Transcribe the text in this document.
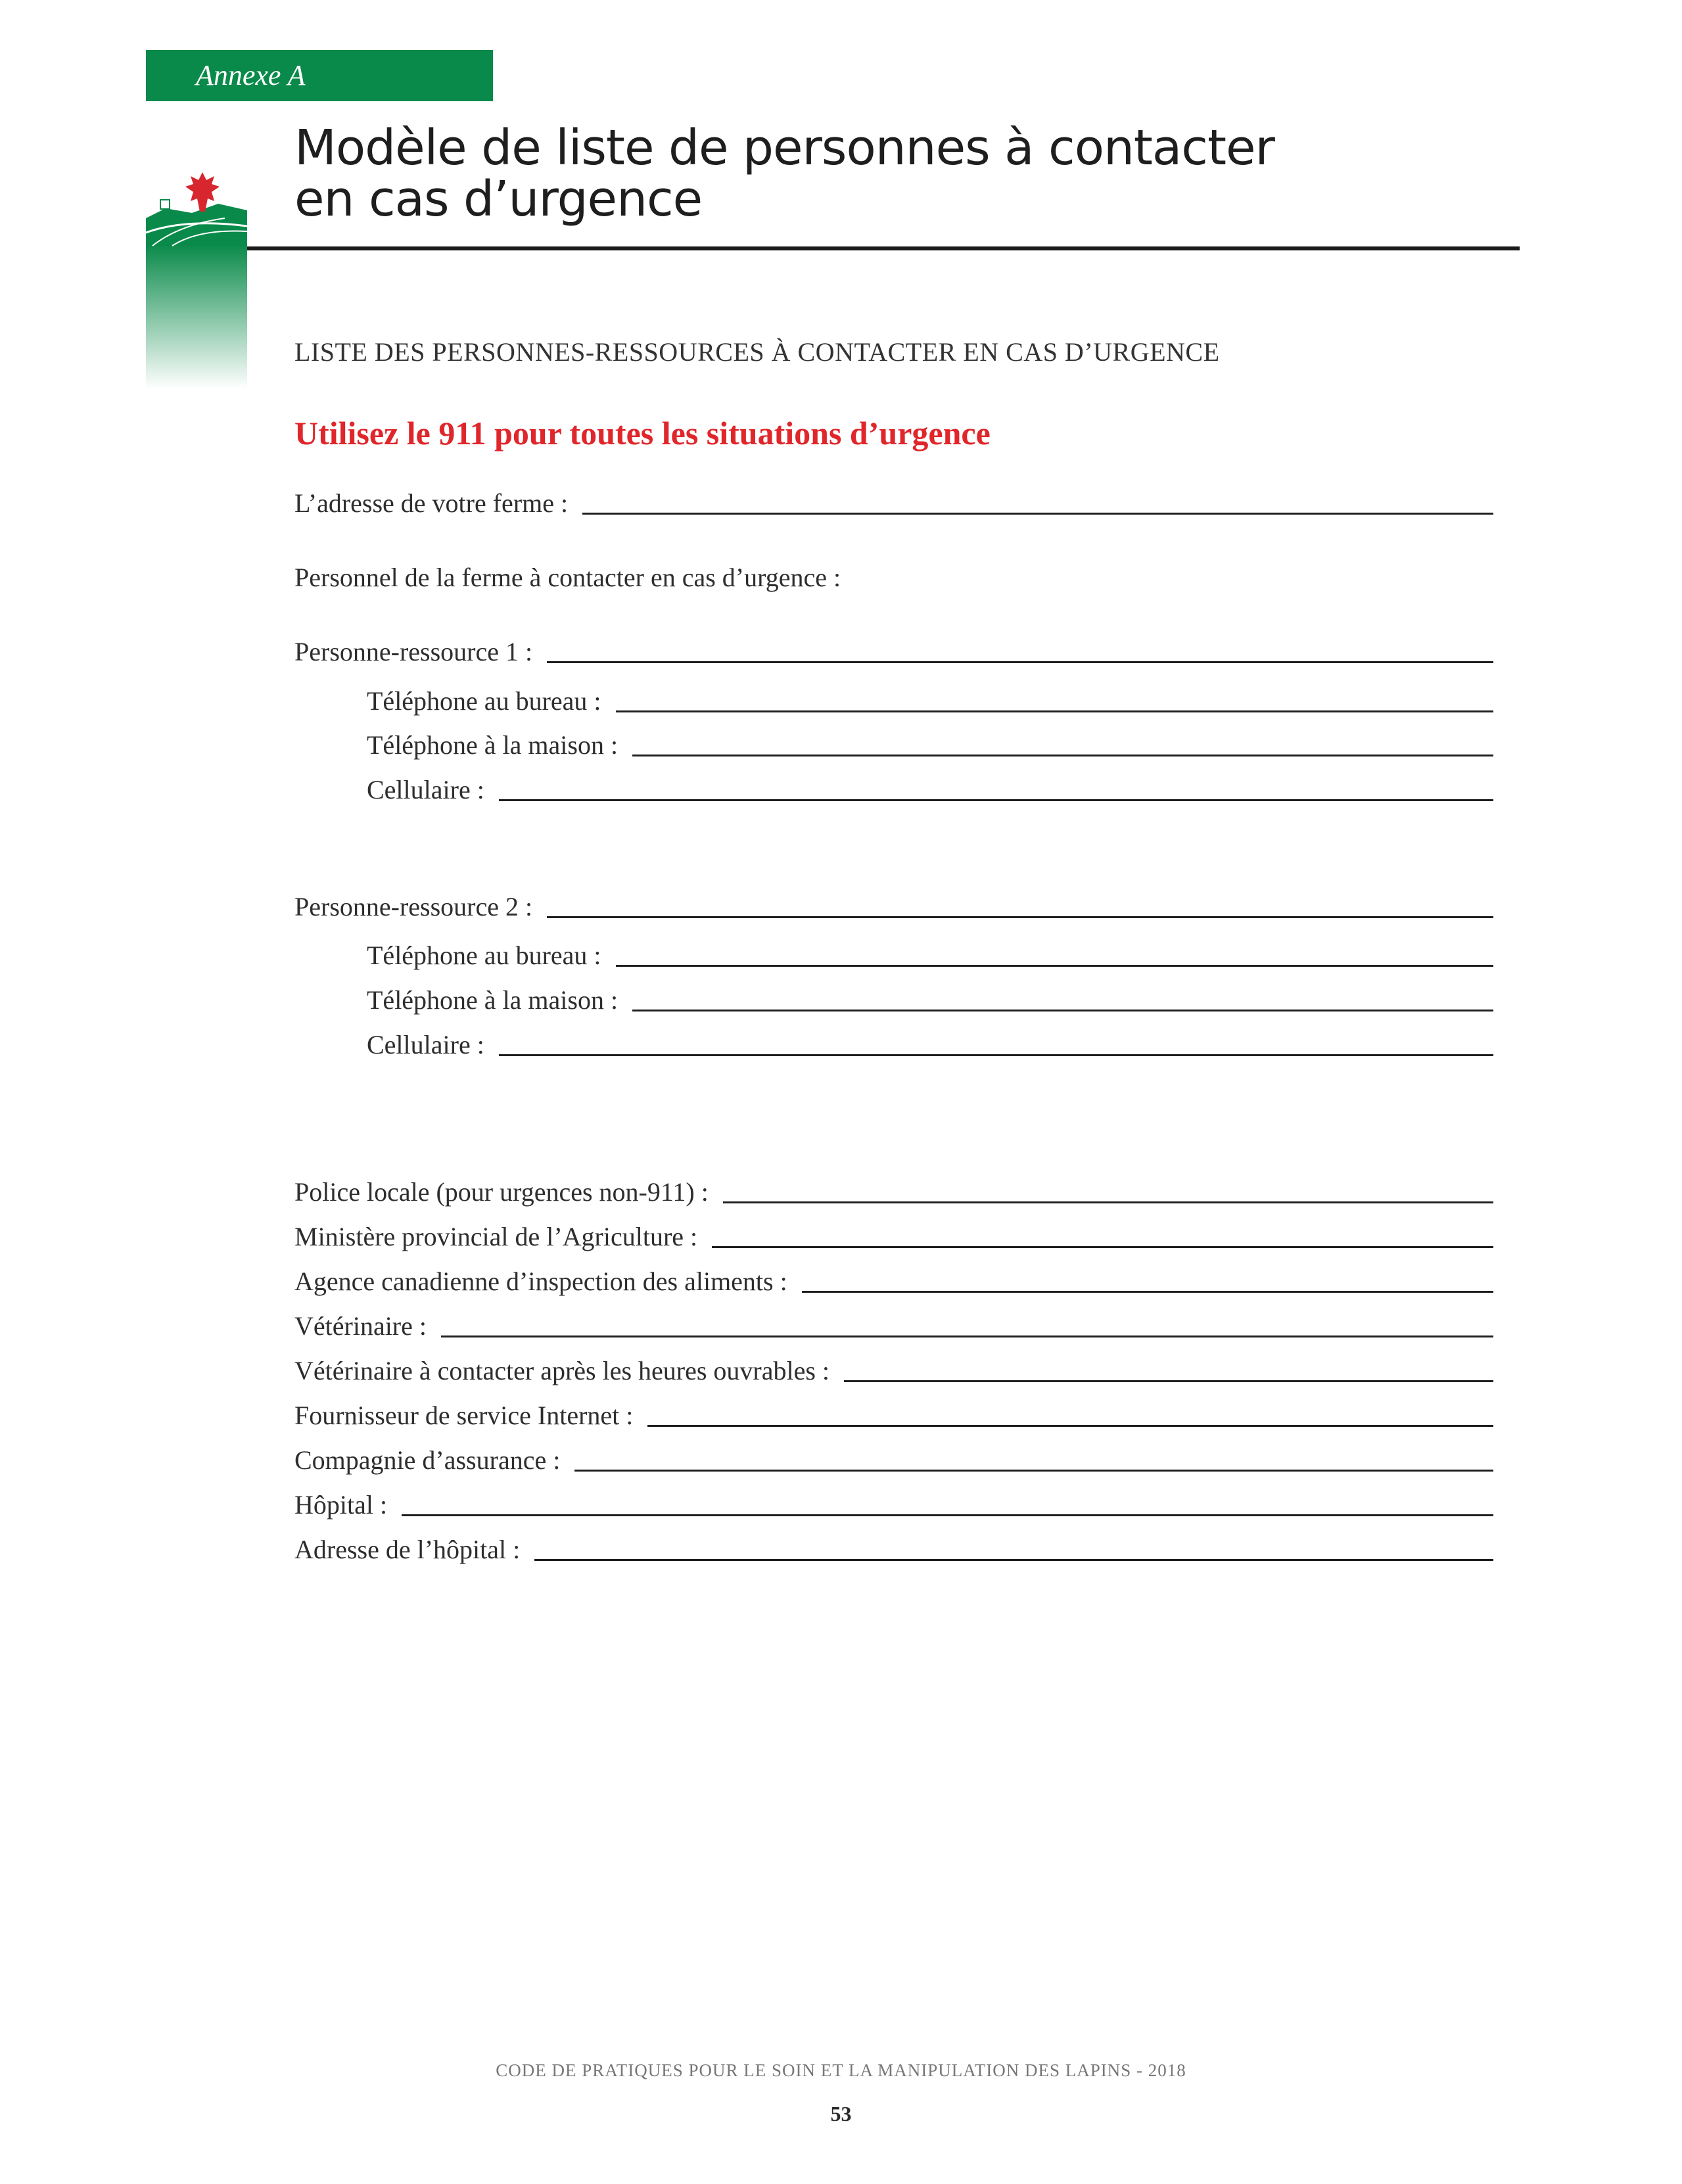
Annexe A
Modèle de liste de personnes à contacter
en cas d’urgence
LISTE DES PERSONNES-RESSOURCES À CONTACTER EN CAS D’URGENCE
Utilisez le 911 pour toutes les situations d’urgence
L’adresse de votre ferme :
Personnel de la ferme à contacter en cas d’urgence :
Personne-ressource 1 :
Téléphone au bureau :
Téléphone à la maison :
Cellulaire :
Personne-ressource 2 :
Téléphone au bureau :
Téléphone à la maison :
Cellulaire :
Police locale (pour urgences non-911) :
Ministère provincial de l’Agriculture :
Agence canadienne d’inspection des aliments :
Vétérinaire :
Vétérinaire à contacter après les heures ouvrables :
Fournisseur de service Internet :
Compagnie d’assurance :
Hôpital :
Adresse de l’hôpital :
CODE DE PRATIQUES POUR LE SOIN ET LA MANIPULATION DES LAPINS - 2018
53
